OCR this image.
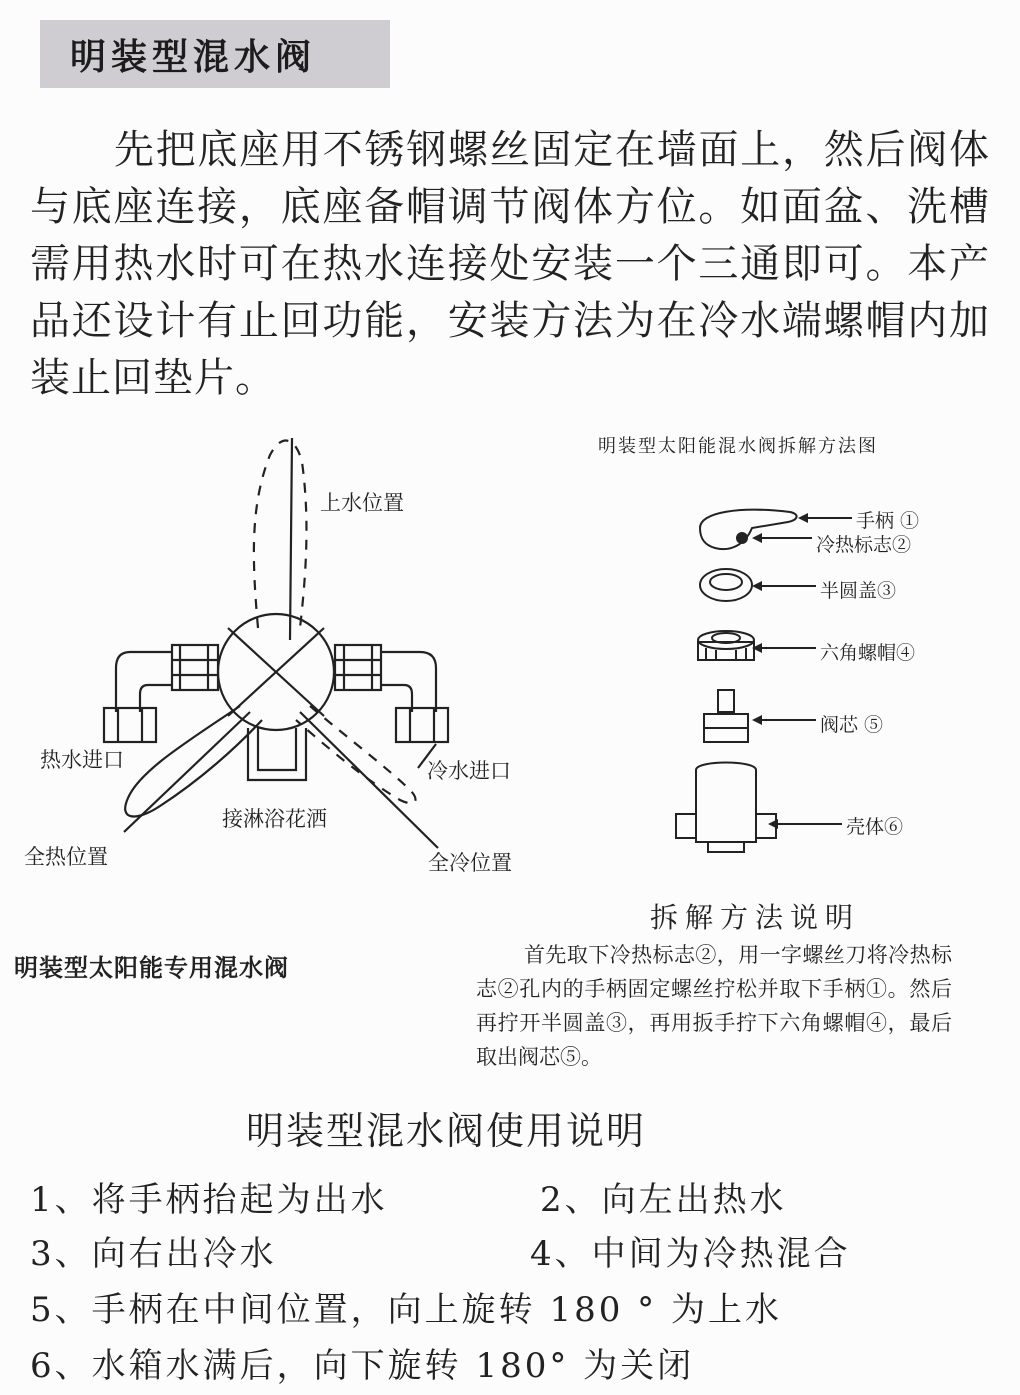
明装型混水阀

先把底座用不锈钢螺丝固定在墙面上，然后阀体与底座连接，底座备帽调节阀体方位。如面盆、洗槽需用热水时可在热水连接处安装一个三通即可。本产品还设计有止回功能，安装方法为在冷水端螺帽内加装止回垫片。

上水位置
热水进口	冷水进口
接淋浴花洒
全热位置	全冷位置
明装型太阳能专用混水阀
明装型太阳能混水阀拆解方法图
手柄 ①
冷热标志②
半圆盖③
六角螺帽④
阀芯 ⑤
壳体⑥
拆解方法说明

首先取下冷热标志②，用一字螺丝刀将冷热标志②孔内的手柄固定螺丝拧松并取下手柄①。然后再拧开半圆盖③，再用扳手拧下六角螺帽④，最后取出阀芯⑤。

明装型混水阀使用说明
1、将手柄抬起为出水	2、向左出热水
3、向右出冷水	4、中间为冷热混合
5、手柄在中间位置，向上旋转 180 ° 为上水
6、水箱水满后，向下旋转 180° 为关闭
